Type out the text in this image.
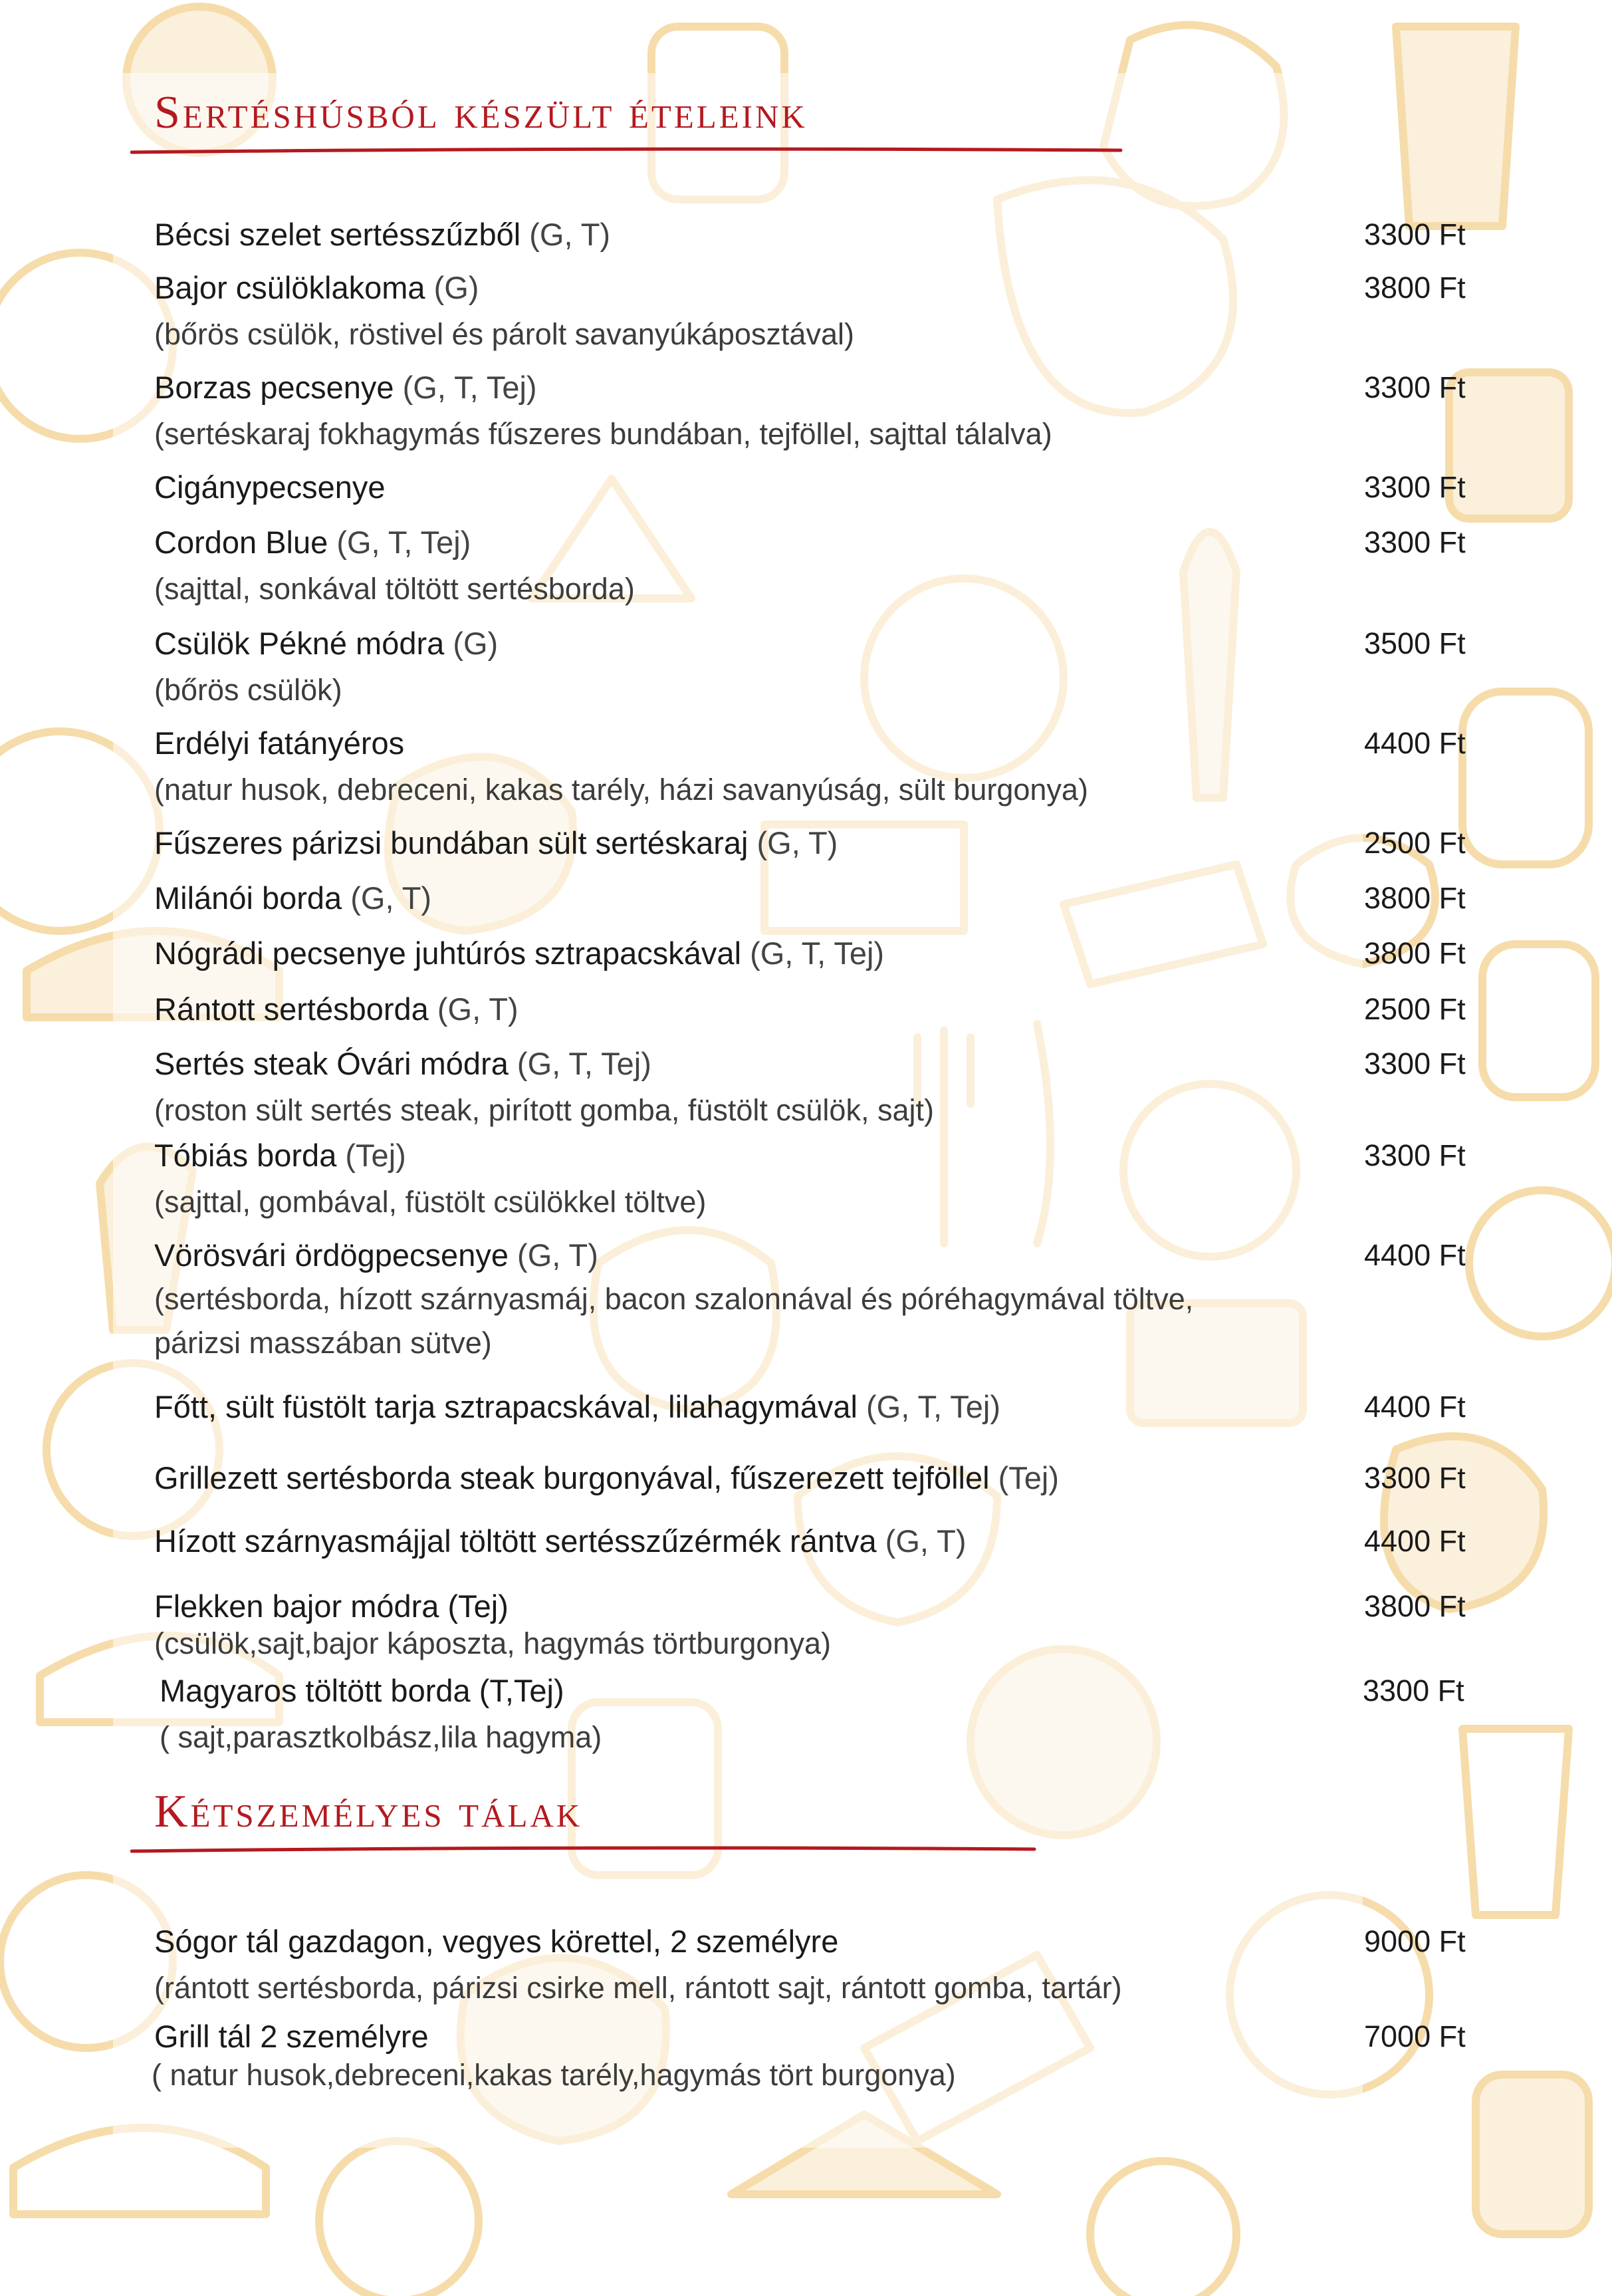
Sertéshúsból készült ételeink
Bécsi szelet sertésszűzből (G, T)	3300 Ft
Bajor csülöklakoma (G)	3800 Ft
(bőrös csülök, röstivel és párolt savanyúkáposztával)
Borzas pecsenye (G, T, Tej)	3300 Ft
(sertéskaraj fokhagymás fűszeres bundában, tejföllel, sajttal tálalva)
Cigánypecsenye	3300 Ft
Cordon Blue (G, T, Tej)	3300 Ft
(sajttal, sonkával töltött sertésborda)
Csülök Pékné módra (G)	3500 Ft
(bőrös csülök)
Erdélyi fatányéros	4400 Ft
(natur husok, debreceni, kakas tarély, házi savanyúság, sült burgonya)
Fűszeres párizsi bundában sült sertéskaraj (G, T)	2500 Ft
Milánói borda (G, T)	3800 Ft
Nógrádi pecsenye juhtúrós sztrapacskával (G, T, Tej)	3800 Ft
Rántott sertésborda (G, T)	2500 Ft
Sertés steak Óvári módra (G, T, Tej)	3300 Ft
(roston sült sertés steak, pirított gomba, füstölt csülök, sajt)
Tóbiás borda (Tej)	3300 Ft
(sajttal, gombával, füstölt csülökkel töltve)
Vörösvári ördögpecsenye (G, T)	4400 Ft
(sertésborda, hízott szárnyasmáj, bacon szalonnával és póréhagymával töltve,
párizsi masszában sütve)
Főtt, sült füstölt tarja sztrapacskával, lilahagymával (G, T, Tej)	4400 Ft
Grillezett sertésborda steak burgonyával, fűszerezett tejföllel (Tej)	3300 Ft
Hízott szárnyasmájjal töltött sertésszűzérmék rántva (G, T)	4400 Ft
Flekken bajor módra (Tej)	3800 Ft
(csülök,sajt,bajor káposzta, hagymás törtburgonya)
Magyaros töltött borda (T,Tej)	3300 Ft
( sajt,parasztkolbász,lila hagyma)
Kétszemélyes tálak
Sógor tál gazdagon, vegyes körettel, 2 személyre	9000 Ft
(rántott sertésborda, párizsi csirke mell, rántott sajt, rántott gomba, tartár)
Grill tál 2 személyre	7000 Ft
( natur husok,debreceni,kakas tarély,hagymás tört burgonya)
